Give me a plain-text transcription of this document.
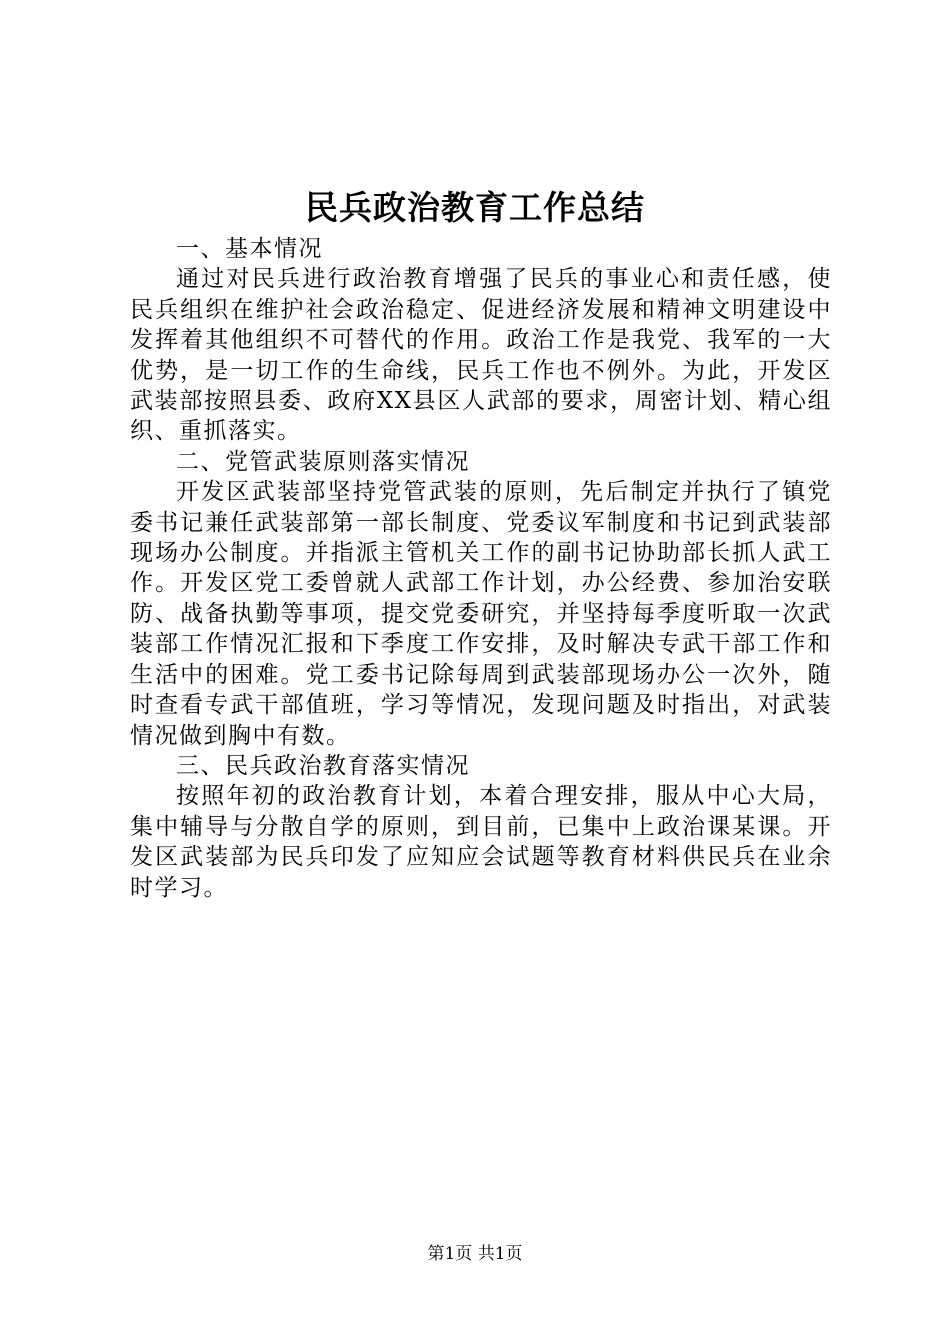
民兵政治教育工作总结

一、基本情况

通过对民兵进行政治教育增强了民兵的事业心和责任感，使民兵组织在维护社会政治稳定、促进经济发展和精神文明建设中发挥着其他组织不可替代的作用。政治工作是我党、我军的一大优势，是一切工作的生命线，民兵工作也不例外。为此，开发区武装部按照县委、政府XX县区人武部的要求，周密计划、精心组织、重抓落实。

二、党管武装原则落实情况

开发区武装部坚持党管武装的原则，先后制定并执行了镇党委书记兼任武装部第一部长制度、党委议军制度和书记到武装部现场办公制度。并指派主管机关工作的副书记协助部长抓人武工作。开发区党工委曾就人武部工作计划，办公经费、参加治安联防、战备执勤等事项，提交党委研究，并坚持每季度听取一次武装部工作情况汇报和下季度工作安排，及时解决专武干部工作和生活中的困难。党工委书记除每周到武装部现场办公一次外，随时查看专武干部值班，学习等情况，发现问题及时指出，对武装情况做到胸中有数。

三、民兵政治教育落实情况

按照年初的政治教育计划，本着合理安排，服从中心大局，集中辅导与分散自学的原则，到目前，已集中上政治课某课。开发区武装部为民兵印发了应知应会试题等教育材料供民兵在业余时学习。

第1页 共1页
